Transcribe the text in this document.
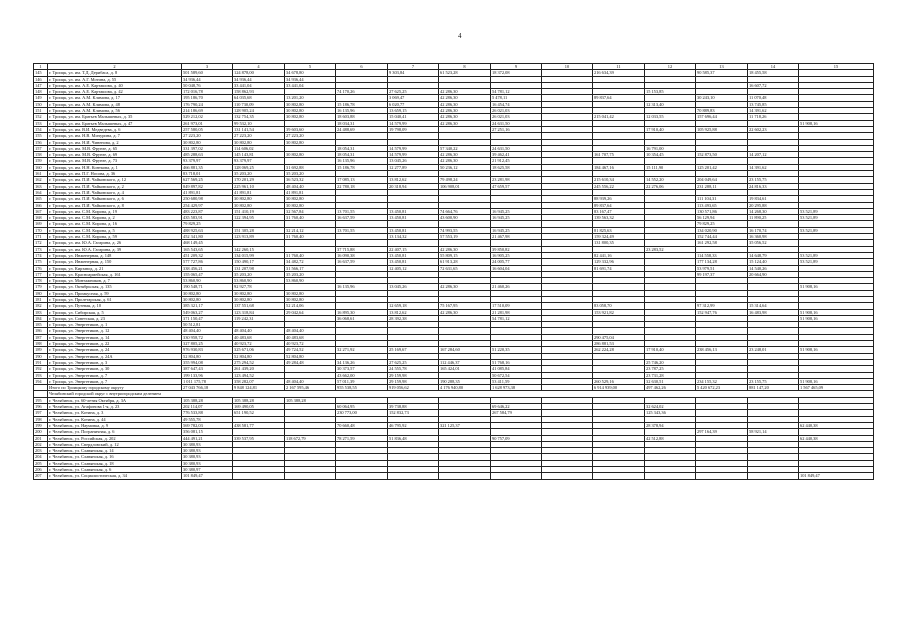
4
1	2	3	4	5	6	7	8	9	10	11	12	13	14	15
145	г. Троицк, ул. им. Т.Д. Дерибаса, д. 8	501 589,60	124 878,00	34 678,80		9 303,84	61 523,28	18 372,08		216 634,39		90 585,37	18 455,58	
146	г. Троицк, ул. им. А.Г. Мотина, д. 55	34 936,44	34 936,44	34 936,44										
147	г. Троицк, ул. им. А.Е. Карташова, д. 40	50 048,76	33 441,04	33 441,04									16 607,72	
148	г. Троицк, ул. им. А.Е. Карташова, д. 42	172 016,78	158 862,93		74 170,26	27 625,25	42 286,30	54 781,12			15 153,85			
149	г. Троицк, ул. им. А.М. Климова, д. 17	195 186,70	64 035,68	13 201,20		3 069,47	42 286,30	5 478,11		89 837,64		30 243,10	11 070,48	
150	г. Троицк, ул. им. А.М. Климова, д. 48	176 790,24	110 730,09	30 802,80	15 186,78	6 020,77	42 286,30	16 454,74			12 313,40		13 745,85	
151	г. Троицк, ул. им. А.М. Климова, д. 56	214 186,69	128 905,24	30 802,80	16 135,96	13 659,15	42 286,30	26 021,03				70 889,83	14 391,62	
152	г. Троицк, ул. им. Братьев Малышевых, д. 35	529 212,02	132 754,35	30 802,80	18 603,88	15 040,41	42 286,30	26 021,03		215 041,42	12 033,55	157 696,44	11 718,26	
153	г. Троицк, ул. им. Братьев Малышевых, д. 47	261 973,01	99 532,10		18 034,31	14 579,99	42 286,30	24 631,50						51 908,16
154	г. Троицк, ул. им. В.И. Медведева, д. 6	257 580,05	131 141,54	39 603,60	24 488,69	19 798,09		27 251,16			17 910,40	105 925,88	22 602,23	
155	г. Троицк, ул. им. Н.В. Мичурина, д. 7	27 223,20	27 223,20	27 223,20										
156	г. Троицк, ул. им. Н.И. Чиненова, д. 2	30 802,80	30 802,80	30 802,80										
157	г. Троицк, ул. им. М.В. Фрунзе, д. 65	331 397,02	114 606,02		18 054,31	14 579,99	57 340,22	24 631,50			16 791,00			
158	г. Троицк, ул. им. М.В. Фрунзе, д. 69	485 288,63	145 143,81	30 802,80	18 054,31	14 579,99	42 286,30	39 462,41		161 707,75	10 354,45	152 873,50	14 207,12	
159	г. Троицк, ул. им. М.В. Фрунзе, д. 73	93 379,97	93 379,97		16 135,96	13 045,26	42 286,30	21 912,45						
160	г. Троицк, ул. им. Н.Н. Конткова, д. 1	466 881,35	128 069,25	31 692,88	15 186,78	12 277,89	50 236,12	18 625,58		184 467,16	15 111,90	125 201,42	14 391,62	
161	г. Троицк, ул. им. П.Г. Носова, д. 36	83 718,01	35 203,20	35 203,20										
162	г. Троицк, ул. им. П.И. Чайковского, д. 12	627 569,25	170 201,29	36 523,32	17 085,13	13 812,62	79 498,24	23 281,98		215 610,34	14 552,20	204 049,64	23 155,75	
163	г. Троицк, ул. им. П.И. Чайковского, д. 2	849 897,82	225 961,10	48 404,40	22 780,18	20 318,94	106 908,01	47 659,57		245 556,22	22 276,06	231 288,11	24 816,33	
164	г. Троицк, ул. им. П.И. Чайковского, д. 4	41 891,81	41 891,81	41 891,81										
165	г. Троицк, ул. им. П.И. Чайковского, д. 6	250 680,98	30 802,80	30 802,80						88 939,26		111 104,31	19 834,61	
166	г. Троицк, ул. им. П.И. Чайковского, д. 8	254 429,97	30 802,80	30 802,80						89 837,64		113 493,65	20 295,88	
167	г. Троицк, ул. им. С.М. Кирова, д. 19	483 223,87	151 410,19	32 567,84	13 701,55	13 450,81	74 664,76	16 945,25		83 167,47		130 571,86	14 268,30	53 521,89
168	г. Троицк, ул. им. С.М. Кирова, д. 2	435 583,91	122 394,95	31 760,40	16 637,59	13 450,81	43 600,90	16 945,25		139 563,32		56 129,94	11 890,25	53 521,89
169	г. Троицк, ул. им. С.М. Кирова, д. 16	79 829,25										79 829,25		
170	г. Троицк, ул. им. С.М. Кирова, д. 5	488 925,63	151 305,28	32 214,12	13 701,55	13 450,81	74 993,55	16 945,25		81 825,63		134 020,90	16 170,74	53 521,89
171	г. Троицк, ул. им. С.М. Кирова, д. 59	452 341,80	123 913,89	31 760,40		13 134,32	57 553,19	21 467,98		159 324,49		152 744,44	16 360,98	
172	г. Троицк, ул. им. Ю.А. Гагарина, д. 26	468 149,45								131 800,35		161 292,58	35 056,52	
173	г. Троицк, ул. им. Ю.А. Гагарина, д. 39	165 543,65	142 260,15		37 715,88	22 407,15	42 286,30	39 850,82			23 283,52			
174	г. Троицк, ул. Инженерная, д. 148	451 209,32	134 015,99	31 760,40	16 090,38	13 450,81	55 809,15	16 905,25		82 441,16		114 558,33	14 648,79	53 521,89
175	г. Троицк, ул. Инженерная, д. 150	577 727,86	150 490,17	34 482,72	16 637,59	13 450,81	61 913,28	24 005,77		129 332,96		177 134,28	15 124,40	53 521,89
176	г. Троицк, ул. Кирзавод, д. 21	338 456,21	131 207,98	31 566,17		12 405,12	72 631,65	16 604,04		81 691,74		53 979,51	14 540,26	
177	г. Троицк, ул. Красноармейская, д. 161	155 065,47	35 203,20	35 203,20								99 197,37	20 664,90	
178	г. Троицк, ул. Монтажников, д. 7	53 860,90	53 860,90	53 860,90										
179	г. Троицк, ул. Октябрьская, д. 135	190 548,71	92 927,78		16 135,96	13 045,26	42 286,30	21 460,26						51 908,16
180	г. Троицк, ул. Промкусная, д. 59	30 802,80	30 802,80	30 802,80										
181	г. Троицк, ул. Пролетарская, д. 61	30 802,80	30 802,80	30 802,80										
182	г. Троицк, ул. Путевая, д. 10	385 321,17	137 551,68	52 214,06		12 659,18	75 167,95	17 510,09		83 058,70		97 312,99	15 314,64	
183	г. Троицк, ул. Сибирская, д. 5	549 063,27	123 318,84	29 042,64	16 895,30	13 812,62	42 286,30	21 281,98		153 921,82		152 947,76	16 483,98	51 908,16
184	г. Троицк, ул. Советская, д. 23	371 150,47	119 242,31		36 068,61	28 392,38		54 781,12						51 908,16
185	г. Троицк, ул. Энергетиков, д. 1	50 512,81												
186	г. Троицк, ул. Энергетиков, д. 12	48 404,40	48 404,40	48 404,40										
187	г. Троицк, ул. Энергетиков, д. 14	330 958,72	40 483,68	40 483,68						290 475,04				
188	г. Троицк, ул. Энергетиков, д. 22	327 805,25	40 923,72	40 923,72						286 881,53				
189	г. Троицк, ул. Энергетиков, д. 24	976 930,83	325 671,06	49 724,52	32 271,92	25 169,67	167 284,60	51 220,35		262 224,28	17 910,40	238 456,13	23 248,01	51 908,16
190	г. Троицк, ул. Энергетиков, д. 24А	52 804,80	52 804,80	52 804,80										
191	г. Троицк, ул. Энергетиков, д. 3	355 994,08	275 294,52	49 284,48	34 136,26	27 625,25	112 446,37	51 768,16			25 746,20			
192	г. Троицк, ул. Энергетиков, д. 30	387 647,43	261 439,20		30 373,57	24 555,78	165 424,01	41 085,84			23 787,25			
193	г. Троицк, ул. Энергетиков, д. 7	199 133,96	123 494,52		43 662,00	29 159,98		50 672,54			23 731,28			
194	г. Троицк, ул. Энергетиков, д. 7	1 011 175,78	358 282,07	48 404,40	57 011,39	29 159,98	190 288,35	53 411,59		260 529,16	32 630,51	234 155,32	23 155,75	51 908,16
	Итого по Троицкому городскому округу	27 043 766,18	9 848 124,81	2 167 595,46	955 538,55	919 056,62	4 176 940,80	1 628 973,38		6 914 939,00	497 462,26	5 420 672,23	881 147,20	1 567 465,09
	Челябинский городской округ с внутригородским делением													
195	г. Челябинск, ул. 60-летия Октября, д. 3А	105 388,28	105 388,28	105 388,28										
196	г. Челябинск, ул. Агафонова 1-я, д. 23	202 114,07	169 490,05		60 064,95	39 738,88		69 646,22			32 624,02			
197	г. Челябинск, ул. Котина, д. 3	776 533,88	651 190,52		230 773,00	152 832,73		267 584,79			125 343,36			
198	г. Челябинск, ул. Котина, д. 44	49 555,78												
199	г. Челябинск, ул. Наумовка, д. 9	569 782,03	438 581,77		70 660,48	46 795,92	321 125,37				28 378,94			62 440,38
200	г. Челябинск, ул. Пограничная, д. 6	356 081,15										297 164,39	58 921,14	
201	г. Челябинск, ул. Российская, д. 202	444 491,21	339 537,95	118 672,79	78 271,59	51 836,48		90 757,09			42 512,88			62 440,38
202	г. Челябинск, ул. Свердловский, д. 12	30 380,93												
203	г. Челябинск, ул. Славянская, д. 14	30 380,93												
204	г. Челябинск, ул. Славянская, д. 16	30 380,93												
205	г. Челябинск, ул. Славянская, д. 18	30 380,93												
206	г. Челябинск, ул. Славянская, д. 6	30 380,97												
207	г. Челябинск, ул. Социалистическая, д. 34	101 849,47												101 849,47
